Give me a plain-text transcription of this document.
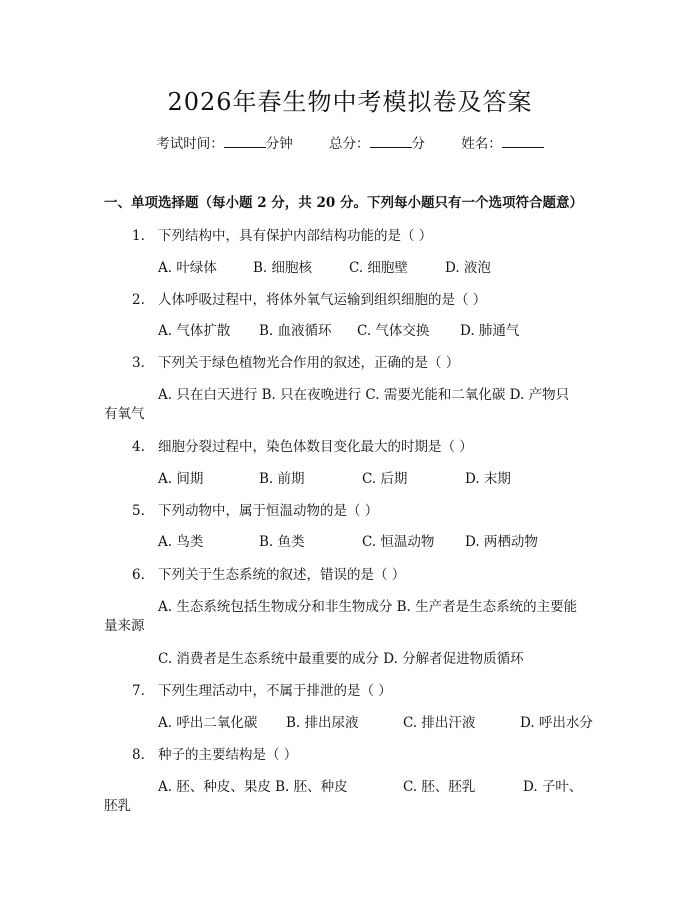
2026年春生物中考模拟卷及答案
考试时间：	分钟	总分：	分	姓名：
一、单项选择题（每小题 2 分，共 20 分。下列每小题只有一个选项符合题意）
1. 下列结构中，具有保护内部结构功能的是（ ）
A. 叶绿体	B. 细胞核	C. 细胞壁	D. 液泡
2. 人体呼吸过程中，将体外氧气运输到组织细胞的是（ ）
A. 气体扩散 B. 血液循环 C. 气体交换 D. 肺通气
3. 下列关于绿色植物光合作用的叙述，正确的是（ ）
A. 只在白天进行 B. 只在夜晚进行 C. 需要光能和二氧化碳 D. 产物只
有氧气
4. 细胞分裂过程中，染色体数目变化最大的时期是（ ）
A. 间期	B. 前期	C. 后期	D. 末期
5. 下列动物中，属于恒温动物的是（ ）
A. 鸟类	B. 鱼类	C. 恒温动物 D. 两栖动物
6. 下列关于生态系统的叙述，错误的是（ ）
A. 生态系统包括生物成分和非生物成分 B. 生产者是生态系统的主要能
量来源
C. 消费者是生态系统中最重要的成分 D. 分解者促进物质循环
7. 下列生理活动中，不属于排泄的是（ ）
A. 呼出二氧化碳 B. 排出尿液	C. 排出汗液	D. 呼出水分
8. 种子的主要结构是（ ）
A. 胚、种皮、果皮 B. 胚、种皮	C. 胚、胚乳	D. 子叶、
胚乳
